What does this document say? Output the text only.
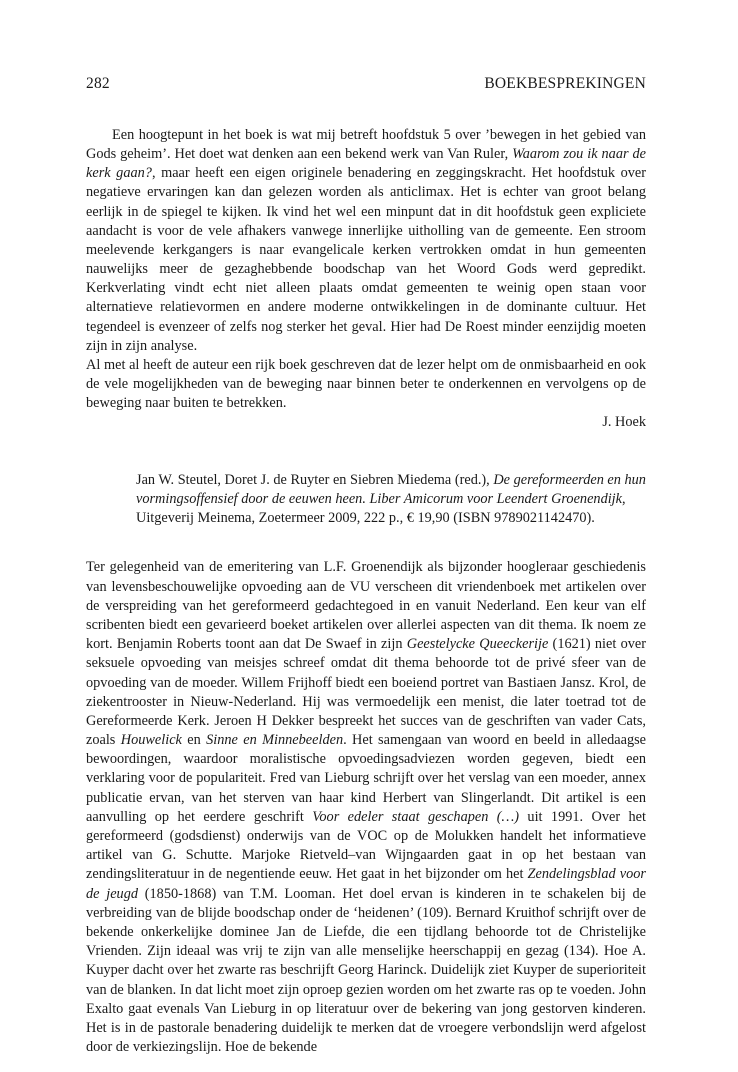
282	BOEKBESPREKINGEN

Een hoogtepunt in het boek is wat mij betreft hoofdstuk 5 over ’bewegen in het gebied van Gods geheim’. Het doet wat denken aan een bekend werk van Van Ruler, Waarom zou ik naar de kerk gaan?, maar heeft een eigen originele benadering en zeggingskracht. Het hoofdstuk over negatieve ervaringen kan dan gelezen worden als anticlimax. Het is echter van groot belang eerlijk in de spiegel te kijken. Ik vind het wel een minpunt dat in dit hoofdstuk geen expliciete aandacht is voor de vele afhakers vanwege innerlijke uitholling van de gemeente. Een stroom meelevende kerkgangers is naar evangelicale kerken vertrokken omdat in hun gemeenten nauwelijks meer de gezaghebbende boodschap van het Woord Gods werd gepredikt. Kerkverlating vindt echt niet alleen plaats omdat gemeenten te weinig open staan voor alternatieve relatievormen en andere moderne ontwikkelingen in de dominante cultuur. Het tegendeel is evenzeer of zelfs nog sterker het geval. Hier had De Roest minder eenzijdig moeten zijn in zijn analyse.

Al met al heeft de auteur een rijk boek geschreven dat de lezer helpt om de onmisbaarheid en ook de vele mogelijkheden van de beweging naar binnen beter te onderkennen en vervolgens op de beweging naar buiten te betrekken.

J. Hoek

Jan W. Steutel, Doret J. de Ruyter en Siebren Miedema (red.), De gereformeerden en hun vormingsoffensief door de eeuwen heen. Liber Amicorum voor Leendert Groenendijk, Uitgeverij Meinema, Zoetermeer 2009, 222 p., € 19,90 (ISBN 9789021142470).

Ter gelegenheid van de emeritering van L.F. Groenendijk als bijzonder hoogleraar geschiedenis van levensbeschouwelijke opvoeding aan de VU verscheen dit vriendenboek met artikelen over de verspreiding van het gereformeerd gedachtegoed in en vanuit Nederland. Een keur van elf scribenten biedt een gevarieerd boeket artikelen over allerlei aspecten van dit thema. Ik noem ze kort. Benjamin Roberts toont aan dat De Swaef in zijn Geestelycke Queeckerije (1621) niet over seksuele opvoeding van meisjes schreef omdat dit thema behoorde tot de privé sfeer van de opvoeding van de moeder. Willem Frijhoff biedt een boeiend portret van Bastiaen Jansz. Krol, de ziekentrooster in Nieuw-Nederland. Hij was vermoedelijk een menist, die later toetrad tot de Gereformeerde Kerk. Jeroen H Dekker bespreekt het succes van de geschriften van vader Cats, zoals Houwelick en Sinne en Minnebeelden. Het samengaan van woord en beeld in alledaagse bewoordingen, waardoor moralistische opvoedingsadviezen worden gegeven, biedt een verklaring voor de populariteit. Fred van Lieburg schrijft over het verslag van een moeder, annex publicatie ervan, van het sterven van haar kind Herbert van Slingerlandt. Dit artikel is een aanvulling op het eerdere geschrift Voor edeler staat geschapen (…) uit 1991. Over het gereformeerd (godsdienst) onderwijs van de VOC op de Molukken handelt het informatieve artikel van G. Schutte. Marjoke Rietveld–van Wijngaarden gaat in op het bestaan van zendingsliteratuur in de negentiende eeuw. Het gaat in het bijzonder om het Zendelingsblad voor de jeugd (1850-1868) van T.M. Looman. Het doel ervan is kinderen in te schakelen bij de verbreiding van de blijde boodschap onder de ‘heidenen’ (109). Bernard Kruithof schrijft over de bekende onkerkelijke dominee Jan de Liefde, die een tijdlang behoorde tot de Christelijke Vrienden. Zijn ideaal was vrij te zijn van alle menselijke heerschappij en gezag (134). Hoe A. Kuyper dacht over het zwarte ras beschrijft Georg Harinck. Duidelijk ziet Kuyper de superioriteit van de blanken. In dat licht moet zijn oproep gezien worden om het zwarte ras op te voeden. John Exalto gaat evenals Van Lieburg in op literatuur over de bekering van jong gestorven kinderen. Het is in de pastorale benadering duidelijk te merken dat de vroegere verbondslijn werd afgelost door de verkiezingslijn. Hoe de bekende
